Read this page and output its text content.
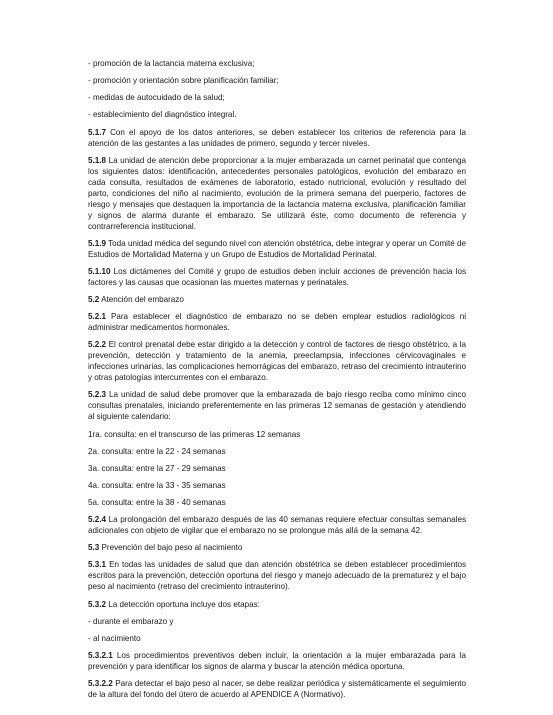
- promoción de la lactancia materna exclusiva;

- promoción y orientación sobre planificación familiar;

- medidas de autocuidado de la salud;

- establecimiento del diagnóstico integral.

5.1.7 Con el apoyo de los datos anteriores, se deben establecer los criterios de referencia para la atención de las gestantes a las unidades de primero, segundo y tercer niveles.

5.1.8 La unidad de atención debe proporcionar a la mujer embarazada un carnet perinatal que contenga los siguientes datos: identificación, antecedentes personales patológicos, evolución del embarazo en cada consulta, resultados de exámenes de laboratorio, estado nutricional, evolución y resultado del parto, condiciones del niño al nacimiento, evolución de la primera semana del puerperio, factores de riesgo y mensajes que destaquen la importancia de la lactancia materna exclusiva, planificación familiar y signos de alarma durante el embarazo. Se utilizará éste, como documento de referencia y contrarreferencia institucional.

5.1.9 Toda unidad médica del segundo nivel con atención obstétrica, debe integrar y operar un Comité de Estudios de Mortalidad Materna y un Grupo de Estudios de Mortalidad Perinatal.

5.1.10 Los dictámenes del Comité y grupo de estudios deben incluir acciones de prevención hacia los factores y las causas que ocasionan las muertes maternas y perinatales.

5.2 Atención del embarazo

5.2.1 Para establecer el diagnóstico de embarazo no se deben emplear estudios radiológicos ni administrar medicamentos hormonales.

5.2.2 El control prenatal debe estar dirigido a la detección y control de factores de riesgo obstétrico, a la prevención, detección y tratamiento de la anemia, preeclampsia, infecciones cérvicovaginales e infecciones urinarias, las complicaciones hemorrágicas del embarazo, retraso del crecimiento intrauterino y otras patologías intercurrentes con el embarazo.

5.2.3 La unidad de salud debe promover que la embarazada de bajo riesgo reciba como mínimo cinco consultas prenatales, iniciando preferentemente en las primeras 12 semanas de gestación y atendiendo al siguiente calendario:

1ra. consulta: en el transcurso de las primeras 12 semanas

2a. consulta: entre la 22 - 24 semanas

3a. consulta: entre la 27 - 29 semanas

4a. consulta: entre la 33 - 35 semanas

5a. consulta: entre la 38 - 40 semanas

5.2.4 La prolongación del embarazo después de las 40 semanas requiere efectuar consultas semanales adicionales con objeto de vigilar que el embarazo no se prolongue más allá de la semana 42.

5.3 Prevención del bajo peso al nacimiento

5.3.1 En todas las unidades de salud que dan atención obstétrica se deben establecer procedimientos escritos para la prevención, detección oportuna del riesgo y manejo adecuado de la prematurez y el bajo peso al nacimiento (retraso del crecimiento intrauterino).

5.3.2 La detección oportuna incluye dos etapas:

- durante el embarazo y

- al nacimiento

5.3.2.1 Los procedimientos preventivos deben incluir, la orientación a la mujer embarazada para la prevención y para identificar los signos de alarma y buscar la atención médica oportuna.

5.3.2.2 Para detectar el bajo peso al nacer, se debe realizar periódica y sistemáticamente el seguimiento de la altura del fondo del útero de acuerdo al APENDICE A (Normativo).
